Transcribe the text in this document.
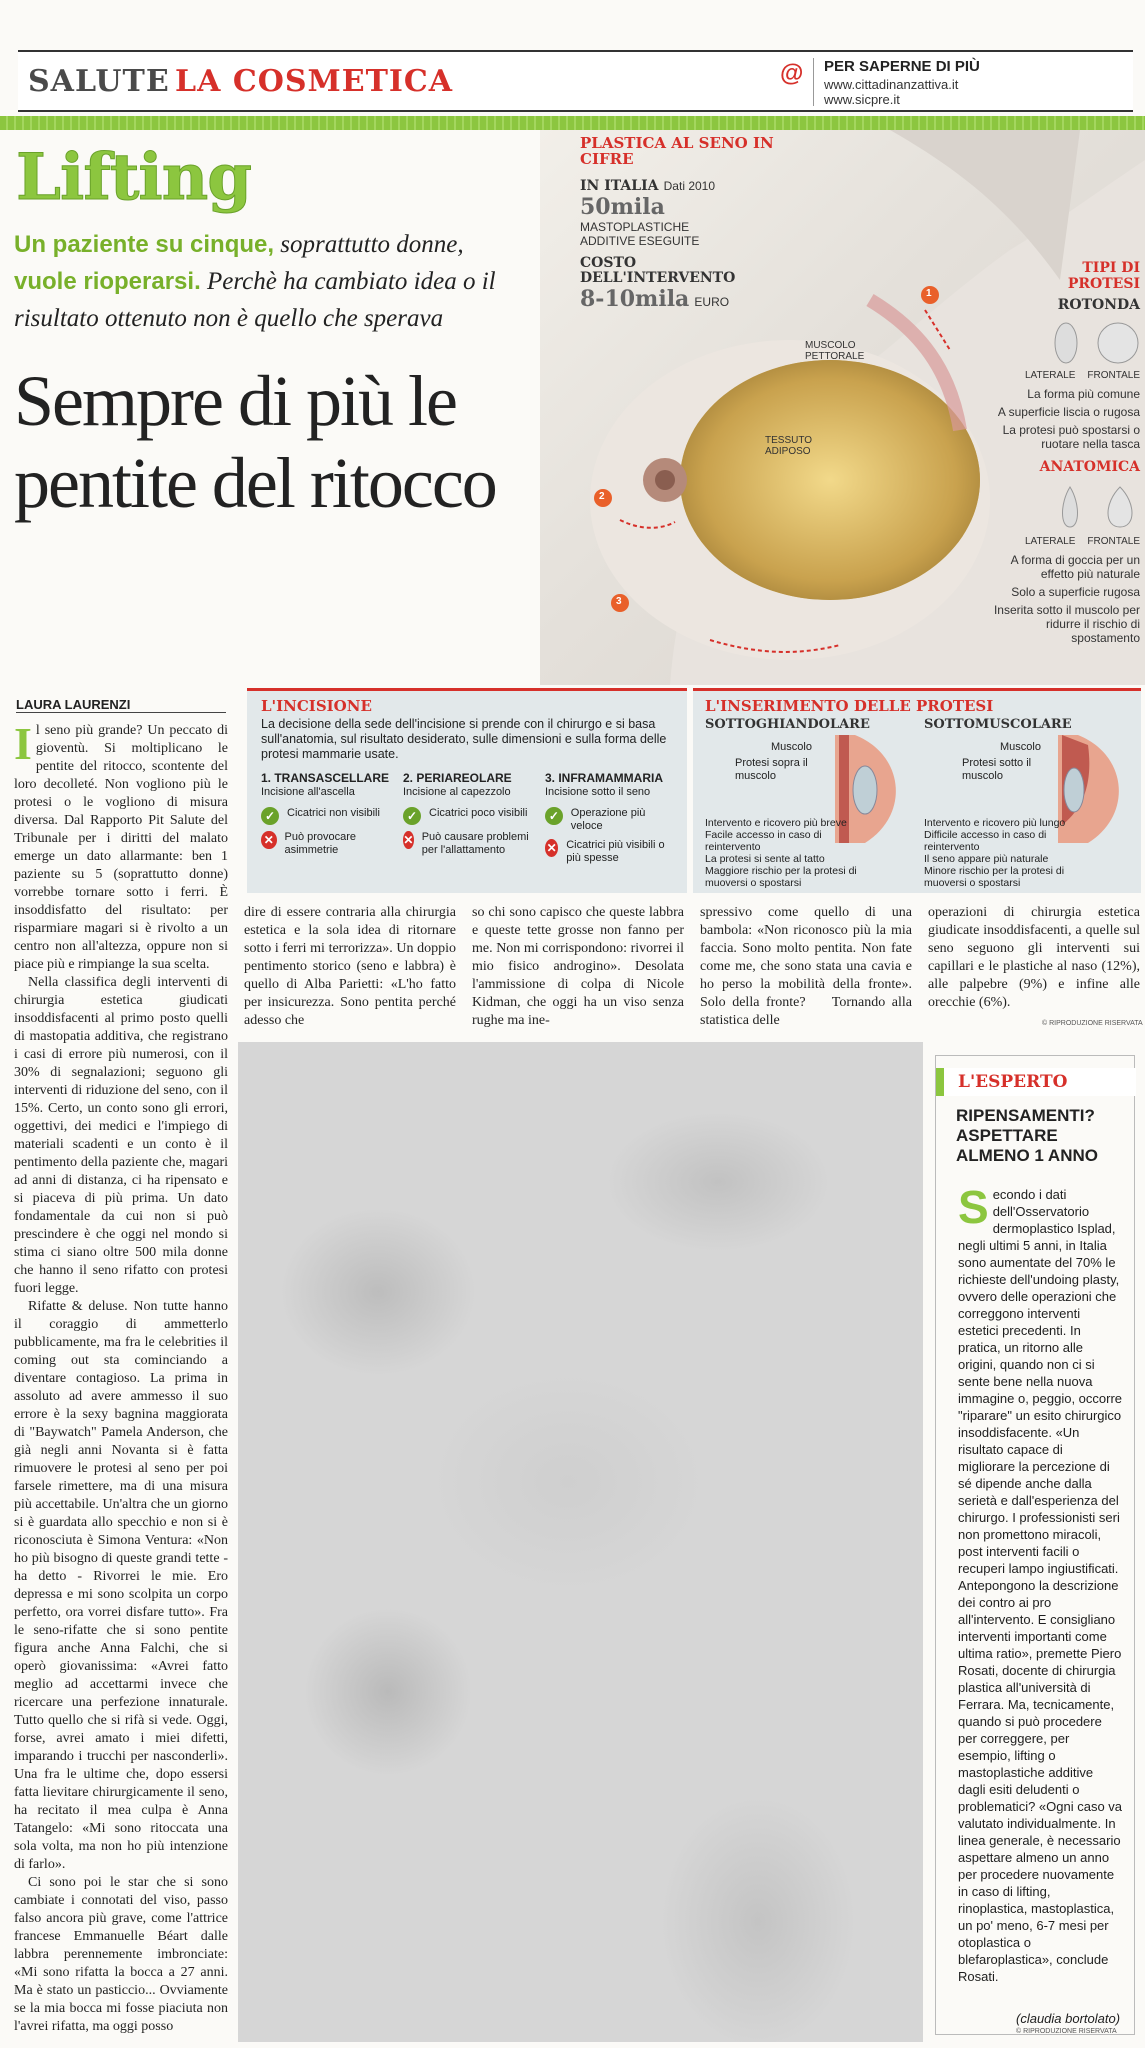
SALUTE LA COSMETICA	@ PER SAPERNE DI PIÙ
www.cittadinanzattiva.it
www.sicpre.it
1
2
3
MUSCOLO PETTORALE
TESSUTO ADIPOSO
Lifting
Un paziente su cinque, soprattutto donne,
vuole rioperarsi. Perchè ha cambiato idea o il risultato ottenuto non è quello che sperava
Sempre di più le pentite del ritocco
PLASTICA AL SENO IN CIFRE
IN ITALIA Dati 2010
50mila
MASTOPLASTICHE ADDITIVE ESEGUITE
COSTO DELL'INTERVENTO
8-10mila EURO
TIPI DI PROTESI
ROTONDA
LATERALE FRONTALE
La forma più comune
A superficie liscia o rugosa
La protesi può spostarsi o ruotare nella tasca
ANATOMICA
LATERALE FRONTALE
A forma di goccia per un effetto più naturale
Solo a superficie rugosa
Inserita sotto il muscolo per ridurre il rischio di spostamento
LAURA LAURENZI	L'INCISIONE
La decisione della sede dell'incisione si prende con il chirurgo e si basa sull'anatomia, sul risultato desiderato, sulle dimensioni e sulla forma delle protesi mammarie usate.
1. TRANSASCELLARE
Incisione all'ascella
✓	Cicatrici non visibili
✕ Può provocare asimmetrie
2. PERIAREOLARE
Incisione al capezzolo
✓	Cicatrici poco visibili
✕ Può causare problemi per l'allattamento
3. INFRAMAMMARIA
Incisione sotto il seno
✓	Operazione più veloce
✕ Cicatrici più visibili o più spesse
L'INSERIMENTO DELLE PROTESI
SOTTOGHIANDOLARE
Muscolo
Protesi sopra il muscolo
Intervento e ricovero più breve
Facile accesso in caso di reintervento
La protesi si sente al tatto
Maggiore rischio per la protesi di muoversi o spostarsi
SOTTOMUSCOLARE
Muscolo
Protesi sotto il muscolo
Intervento e ricovero più lungo
Difficile accesso in caso di reintervento
Il seno appare più naturale
Minore rischio per la protesi di muoversi o spostarsi

Il seno più grande? Un peccato di gioventù. Si moltiplicano le pentite del ritocco, scontente del loro decolleté. Non vogliono più le protesi o le vogliono di misura diversa. Dal Rapporto Pit Salute del Tribunale per i diritti del malato emerge un dato allarmante: ben 1 paziente su 5 (soprattutto donne) vorrebbe tornare sotto i ferri. È insoddisfatto del risultato: per risparmiare magari si è rivolto a un centro non all'altezza, oppure non si piace più e rimpiange la sua scelta.

Nella classifica degli interventi di chirurgia estetica giudicati insoddisfacenti al primo posto quelli di mastopatia additiva, che registrano i casi di errore più numerosi, con il 30% di segnalazioni; seguono gli interventi di riduzione del seno, con il 15%. Certo, un conto sono gli errori, oggettivi, dei medici e l'impiego di materiali scadenti e un conto è il pentimento della paziente che, magari ad anni di distanza, ci ha ripensato e si piaceva di più prima. Un dato fondamentale da cui non si può prescindere è che oggi nel mondo si stima ci siano oltre 500 mila donne che hanno il seno rifatto con protesi fuori legge.

Rifatte & deluse. Non tutte hanno il coraggio di ammetterlo pubblicamente, ma fra le celebrities il coming out sta cominciando a diventare contagioso. La prima in assoluto ad avere ammesso il suo errore è la sexy bagnina maggiorata di "Baywatch" Pamela Anderson, che già negli anni Novanta si è fatta rimuovere le protesi al seno per poi farsele rimettere, ma di una misura più accettabile. Un'altra che un giorno si è guardata allo specchio e non si è riconosciuta è Simona Ventura: «Non ho più bisogno di queste grandi tette - ha detto - Rivorrei le mie. Ero depressa e mi sono scolpita un corpo perfetto, ora vorrei disfare tutto». Fra le seno-rifatte che si sono pentite figura anche Anna Falchi, che si operò giovanissima: «Avrei fatto meglio ad accettarmi invece che ricercare una perfezione innaturale. Tutto quello che si rifà si vede. Oggi, forse, avrei amato i miei difetti, imparando i trucchi per nasconderli». Una fra le ultime che, dopo essersi fatta lievitare chirurgicamente il seno, ha recitato il mea culpa è Anna Tatangelo: «Mi sono ritoccata una sola volta, ma non ho più intenzione di farlo».

Ci sono poi le star che si sono cambiate i connotati del viso, passo falso ancora più grave, come l'attrice francese Emmanuelle Béart dalle labbra perennemente imbronciate: «Mi sono rifatta la bocca a 27 anni. Ma è stato un pasticcio... Ovviamente se la mia bocca mi fosse piaciuta non l'avrei rifatta, ma oggi posso

dire di essere contraria alla chirurgia estetica e la sola idea di ritornare sotto i ferri mi terrorizza». Un doppio pentimento storico (seno e labbra) è quello di Alba Parietti: «L'ho fatto per insicurezza. Sono pentita perché adesso che
so chi sono capisco che queste labbra e queste tette grosse non fanno per me. Non mi corrispondono: rivorrei il mio fisico androgino». Desolata l'ammissione di colpa di Nicole Kidman, che oggi ha un viso senza rughe ma ine-
spressivo come quello di una bambola: «Non riconosco più la mia faccia. Sono molto pentita. Non fate come me, che sono stata una cavia e ho perso la mobilità della fronte». Solo della fronte?    Tornando alla statistica delle
operazioni di chirurgia estetica giudicate insoddisfacenti, a quelle sul seno seguono gli interventi sui capillari e le plastiche al naso (12%), alle palpebre (9%) e infine alle orecchie (6%).
© RIPRODUZIONE RISERVATA
L'ESPERTO
RIPENSAMENTI? ASPETTARE ALMENO 1 ANNO
Secondo i dati dell'Osservatorio dermoplastico Isplad, negli ultimi 5 anni, in Italia sono aumentate del 70% le richieste dell'undoing plasty, ovvero delle operazioni che correggono interventi estetici precedenti. In pratica, un ritorno alle origini, quando non ci si sente bene nella nuova immagine o, peggio, occorre "riparare" un esito chirurgico insoddisfacente. «Un risultato capace di migliorare la percezione di sé dipende anche dalla serietà e dall'esperienza del chirurgo. I professionisti seri non promettono miracoli, post interventi facili o recuperi lampo ingiustificati. Antepongono la descrizione dei contro ai pro all'intervento. E consigliano interventi importanti come ultima ratio», premette Piero Rosati, docente di chirurgia plastica all'università di Ferrara. Ma, tecnicamente, quando si può procedere per correggere, per esempio, lifting o mastoplastiche additive dagli esiti deludenti o problematici? «Ogni caso va valutato individualmente. In linea generale, è necessario aspettare almeno un anno per procedere nuovamente in caso di lifting, rinoplastica, mastoplastica, un po' meno, 6-7 mesi per otoplastica o blefaroplastica», conclude Rosati.
(claudia bortolato)
© RIPRODUZIONE RISERVATA
